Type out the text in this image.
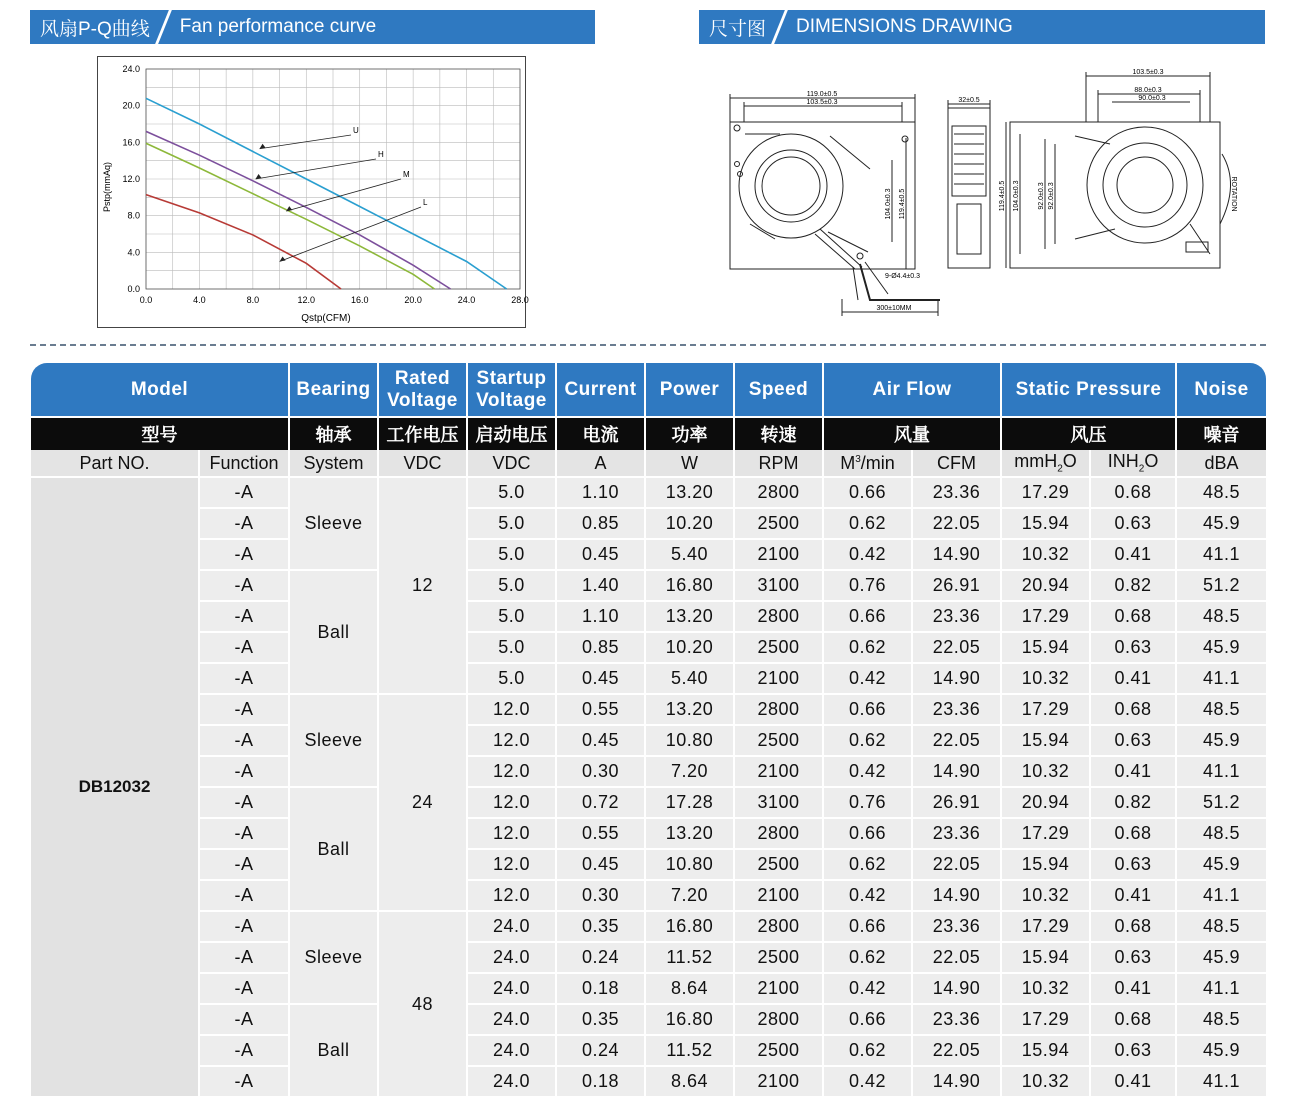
风扇P-Q曲线 Fan performance curve	尺寸图 DIMENSIONS DRAWING
0.0	4.0	8.0	12.0	16.0	20.0	24.0	28.0
0.0
4.0
8.0
12.0
16.0
20.0
24.0
U
H
M
L
Pstp(mmAq)
Qstp(CFM)
119.0±0.5
103.5±0.3
104.0±0.3 119.4±0.5
9-Ø4.4±0.3
300±10MM
32±0.5
103.5±0.3
88.0±0.3
90.0±0.3
119.4±0.5 104.0±0.3	92.0±0.3 92.0±0.3	ROTATION
Model		Bearing	Rated Voltage	Startup Voltage	Current	Power	Speed	Air Flow		Static Pressure		Noise
型号		轴承	工作电压	启动电压	电流	功率	转速	风量		风压		噪音
Part NO.	Function	System	VDC	VDC	A	W	RPM	$M^3/\min$	CFM	mmH$_2$O	$INH_2O$	dBA
DB12032	-A	Sleeve	12	5.0	1.10	13.20	2800	0.66	23.36	17.29	0.68	48.5
	-A			5.0	0.85	10.20	2500	0.62	22.05	15.94	0.63	45.9
	-A			5.0	0.45	5.40	2100	0.42	14.90	10.32	0.41	41.1
	-A	Ball		5.0	1.40	16.80	3100	0.76	26.91	20.94	0.82	51.2
	-A			5.0	1.10	13.20	2800	0.66	23.36	17.29	0.68	48.5
	-A			5.0	0.85	10.20	2500	0.62	22.05	15.94	0.63	45.9
	-A			5.0	0.45	5.40	2100	0.42	14.90	10.32	0.41	41.1
	-A	Sleeve	24	12.0	0.55	13.20	2800	0.66	23.36	17.29	0.68	48.5
	-A			12.0	0.45	10.80	2500	0.62	22.05	15.94	0.63	45.9
	-A			12.0	0.30	7.20	2100	0.42	14.90	10.32	0.41	41.1
	-A	Ball		12.0	0.72	17.28	3100	0.76	26.91	20.94	0.82	51.2
	-A			12.0	0.55	13.20	2800	0.66	23.36	17.29	0.68	48.5
	-A			12.0	0.45	10.80	2500	0.62	22.05	15.94	0.63	45.9
	-A			12.0	0.30	7.20	2100	0.42	14.90	10.32	0.41	41.1
	-A	Sleeve	48	24.0	0.35	16.80	2800	0.66	23.36	17.29	0.68	48.5
	-A			24.0	0.24	11.52	2500	0.62	22.05	15.94	0.63	45.9
	-A			24.0	0.18	8.64	2100	0.42	14.90	10.32	0.41	41.1
	-A	Ball		24.0	0.35	16.80	2800	0.66	23.36	17.29	0.68	48.5
	-A			24.0	0.24	11.52	2500	0.62	22.05	15.94	0.63	45.9
	-A			24.0	0.18	8.64	2100	0.42	14.90	10.32	0.41	41.1
